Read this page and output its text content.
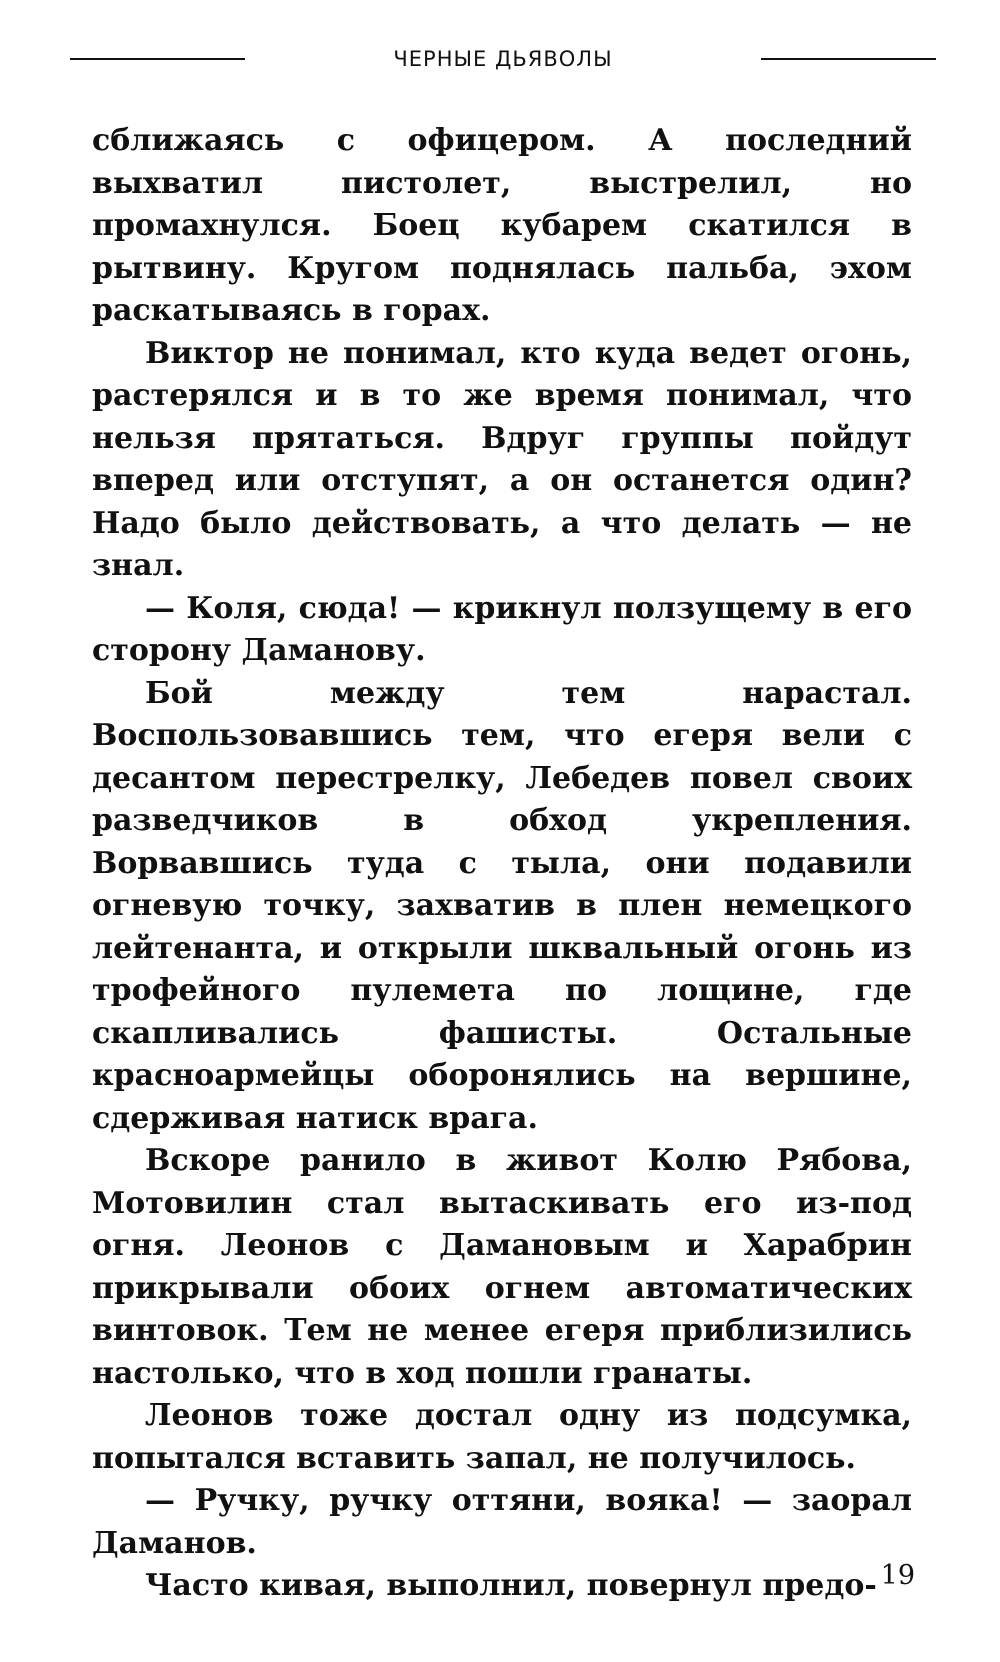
ЧЕРНЫЕ ДЬЯВОЛЫ

сближаясь с офицером. А последний выхватил пистолет, выстрелил, но промахнулся. Боец кубарем скатился в рытвину. Кругом поднялась пальба, эхом раскатываясь в горах.

Виктор не понимал, кто куда ведет огонь, растерялся и в то же время понимал, что нельзя прятаться. Вдруг группы пойдут вперед или отступят, а он останется один? Надо было действовать, а что делать — не знал.

— Коля, сюда! — крикнул ползущему в его сторону Даманову.

Бой между тем нарастал. Воспользовавшись тем, что егеря вели с десантом перестрелку, Лебедев повел своих разведчиков в обход укрепления. Ворвавшись туда с тыла, они подавили огневую точку, захватив в плен немецкого лейтенанта, и открыли шквальный огонь из трофейного пулемета по лощине, где скапливались фашисты. Остальные красноармейцы оборонялись на вершине, сдерживая натиск врага.

Вскоре ранило в живот Колю Рябова, Мотовилин стал вытаскивать его из-под огня. Леонов с Дамановым и Харабрин прикрывали обоих огнем автоматических винтовок. Тем не менее егеря приблизились настолько, что в ход пошли гранаты.

Леонов тоже достал одну из подсумка, попытался вставить запал, не получилось.

— Ручку, ручку оттяни, вояка! — заорал Даманов.

Часто кивая, выполнил, повернул предо- 19
